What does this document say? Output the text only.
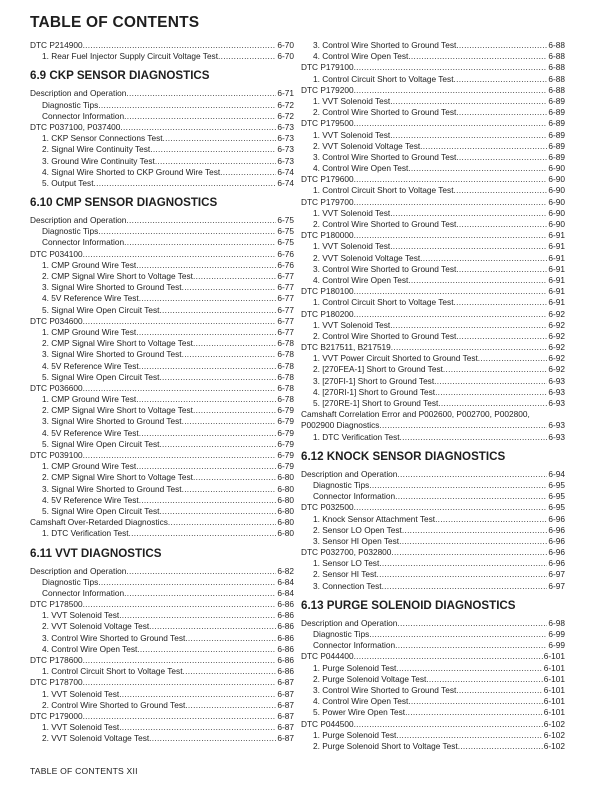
TABLE OF CONTENTS
DTC P214900 .....	6-70
1. Rear Fuel Injector Supply Circuit Voltage Test .....	6-70
6.9 CKP SENSOR DIAGNOSTICS
Description and Operation .....	6-71
Diagnostic Tips .....	6-72
Connector Information .....	6-72
DTC P037100, P037400 .....	6-73
1. CKP Sensor Connections Test .....	6-73
2. Signal Wire Continuity Test .....	6-73
3. Ground Wire Continuity Test .....	6-73
4. Signal Wire Shorted to CKP Ground Wire Test .....	6-74
5. Output Test .....	6-74
6.10 CMP SENSOR DIAGNOSTICS
Description and Operation .....	6-75
Diagnostic Tips .....	6-75
Connector Information .....	6-75
DTC P034100 .....	6-76
1. CMP Ground Wire Test .....	6-76
2. CMP Signal Wire Short to Voltage Test .....	6-77
3. Signal Wire Shorted to Ground Test .....	6-77
4. 5V Reference Wire Test .....	6-77
5. Signal Wire Open Circuit Test .....	6-77
DTC P034600 .....	6-77
1. CMP Ground Wire Test .....	6-77
2. CMP Signal Wire Short to Voltage Test .....	6-78
3. Signal Wire Shorted to Ground Test .....	6-78
4. 5V Reference Wire Test .....	6-78
5. Signal Wire Open Circuit Test .....	6-78
DTC P036600 .....	6-78
1. CMP Ground Wire Test .....	6-78
2. CMP Signal Wire Short to Voltage Test .....	6-79
3. Signal Wire Shorted to Ground Test .....	6-79
4. 5V Reference Wire Test .....	6-79
5. Signal Wire Open Circuit Test .....	6-79
DTC P039100 .....	6-79
1. CMP Ground Wire Test .....	6-79
2. CMP Signal Wire Short to Voltage Test .....	6-80
3. Signal Wire Shorted to Ground Test .....	6-80
4. 5V Reference Wire Test .....	6-80
5. Signal Wire Open Circuit Test .....	6-80
Camshaft Over-Retarded Diagnostics .....	6-80
1. DTC Verification Test .....	6-80
6.11 VVT DIAGNOSTICS
Description and Operation .....	6-82
Diagnostic Tips .....	6-84
Connector Information .....	6-84
DTC P178500 .....	6-86
1. VVT Solenoid Test .....	6-86
2. VVT Solenoid Voltage Test .....	6-86
3. Control Wire Shorted to Ground Test .....	6-86
4. Control Wire Open Test .....	6-86
DTC P178600 .....	6-86
1. Control Circuit Short to Voltage Test .....	6-86
DTC P178700 .....	6-87
1. VVT Solenoid Test .....	6-87
2. Control Wire Shorted to Ground Test .....	6-87
DTC P179000 .....	6-87
1. VVT Solenoid Test .....	6-87
2. VVT Solenoid Voltage Test .....	6-87
3. Control Wire Shorted to Ground Test .....	6-88
4. Control Wire Open Test .....	6-88
DTC P179100 .....	6-88
1. Control Circuit Short to Voltage Test .....	6-88
DTC P179200 .....	6-88
1. VVT Solenoid Test .....	6-89
2. Control Wire Shorted to Ground Test .....	6-89
DTC P179500 .....	6-89
1. VVT Solenoid Test .....	6-89
2. VVT Solenoid Voltage Test .....	6-89
3. Control Wire Shorted to Ground Test .....	6-89
4. Control Wire Open Test .....	6-90
DTC P179600 .....	6-90
1. Control Circuit Short to Voltage Test .....	6-90
DTC P179700 .....	6-90
1. VVT Solenoid Test .....	6-90
2. Control Wire Shorted to Ground Test .....	6-90
DTC P180000 .....	6-91
1. VVT Solenoid Test .....	6-91
2. VVT Solenoid Voltage Test .....	6-91
3. Control Wire Shorted to Ground Test .....	6-91
4. Control Wire Open Test .....	6-91
DTC P180100 .....	6-91
1. Control Circuit Short to Voltage Test .....	6-91
DTC P180200 .....	6-92
1. VVT Solenoid Test .....	6-92
2. Control Wire Shorted to Ground Test .....	6-92
DTC B217511, B217519 .....	6-92
1. VVT Power Circuit Shorted to Ground Test .....	6-92
2. [270FEA-1] Short to Ground Test .....	6-92
3. [270FI-1] Short to Ground Test .....	6-93
4. [270RI-1] Short to Ground Test .....	6-93
5. [270RE-1] Short to Ground Test .....	6-93
Camshaft Correlation Error and P002600, P002700, P002800,
P002900 Diagnostics .....	6-93
1. DTC Verification Test .....	6-93
6.12 KNOCK SENSOR DIAGNOSTICS
Description and Operation .....	6-94
Diagnostic Tips .....	6-95
Connector Information .....	6-95
DTC P032500 .....	6-95
1. Knock Sensor Attachment Test .....	6-96
2. Sensor LO Open Test .....	6-96
3. Sensor HI Open Test .....	6-96
DTC P032700, P032800 .....	6-96
1. Sensor LO Test .....	6-96
2. Sensor HI Test .....	6-97
3. Connection Test .....	6-97
6.13 PURGE SOLENOID DIAGNOSTICS
Description and Operation .....	6-98
Diagnostic Tips .....	6-99
Connector Information .....	6-99
DTC P044400 .....	6-101
1. Purge Solenoid Test .....	6-101
2. Purge Solenoid Voltage Test .....	6-101
3. Control Wire Shorted to Ground Test .....	6-101
4. Control Wire Open Test .....	6-101
5. Power Wire Open Test .....	6-101
DTC P044500 .....	6-102
1. Purge Solenoid Test .....	6-102
2. Purge Solenoid Short to Voltage Test .....	6-102
TABLE OF CONTENTS XII
